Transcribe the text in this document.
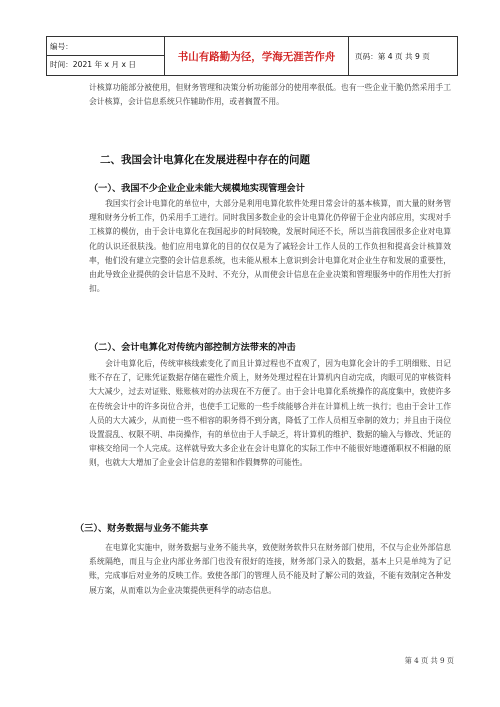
编号：
时间：2021 年 x 月 x 日
书山有路勤为径，学海无涯苦作舟	页码：第 4 页 共 9 页
计核算功能部分被使用，但财务管理和决策分析功能部分的使用率很低。也有一些企业干脆仍然采用手工会计核算，会计信息系统只作辅助作用，或者搁置不用。
二、我国会计电算化在发展进程中存在的问题
（一）、我国不少企业企业未能大规模地实现管理会计
我国实行会计电算化的单位中，大部分是利用电算化软件处理日常会计的基本核算，而大量的财务管理和财务分析工作，仍采用手工进行。同时我国多数企业的会计电算化仍停留于企业内部应用，实现对手工核算的模仿，由于会计电算化在我国起步的时间较晚，发展时间还不长，所以当前我国很多企业对电算化的认识还很肤浅。他们应用电算化的目的仅仅是为了减轻会计工作人员的工作负担和提高会计核算效率，他们没有建立完整的会计信息系统，也未能从根本上意识到会计电算化对企业生存和发展的重要性，由此导致企业提供的会计信息不及时、不充分，从而使会计信息在企业决策和管理服务中的作用性大打折扣。
（二）、会计电算化对传统内部控制方法带来的冲击
会计电算化后，传统审核线索变化了而且计算过程也不直观了，因为电算化会计的手工明细账、日记账不存在了，记账凭证数据存储在磁性介质上，财务处理过程在计算机内自动完成，肉眼可见的审核资料大大减少，过去对证账、账账核对的办法现在不方便了。由于会计电算化系统操作的高度集中，致使许多在传统会计中的许多岗位合并，也使手工记账的一些手续能够合并在计算机上统一执行；也由于会计工作人员的大大减少，从而使一些不相容的职务得不到分离，降低了工作人员相互牵制的效力；并且由于岗位设置混乱、权限不明、串岗操作，有的单位由于人手缺乏，将计算机的维护、数据的输入与修改、凭证的审核交给同一个人完成。这样就导致大多企业在会计电算化的实际工作中不能很好地遵循职权不相融的原则，也就大大增加了企业会计信息的差错和作假舞弊的可能性。
（三）、财务数据与业务不能共享
在电算化实施中，财务数据与业务不能共享，致使财务软件只在财务部门使用，不仅与企业外部信息系统隔绝，而且与企业内部业务部门也没有很好的连接，财务部门录入的数据，基本上只是单纯为了记账，完成事后对业务的反映工作。致使各部门的管理人员不能及时了解公司的效益，不能有效制定各种发展方案，从而难以为企业决策提供更科学的动态信息。
第 4 页 共 9 页
